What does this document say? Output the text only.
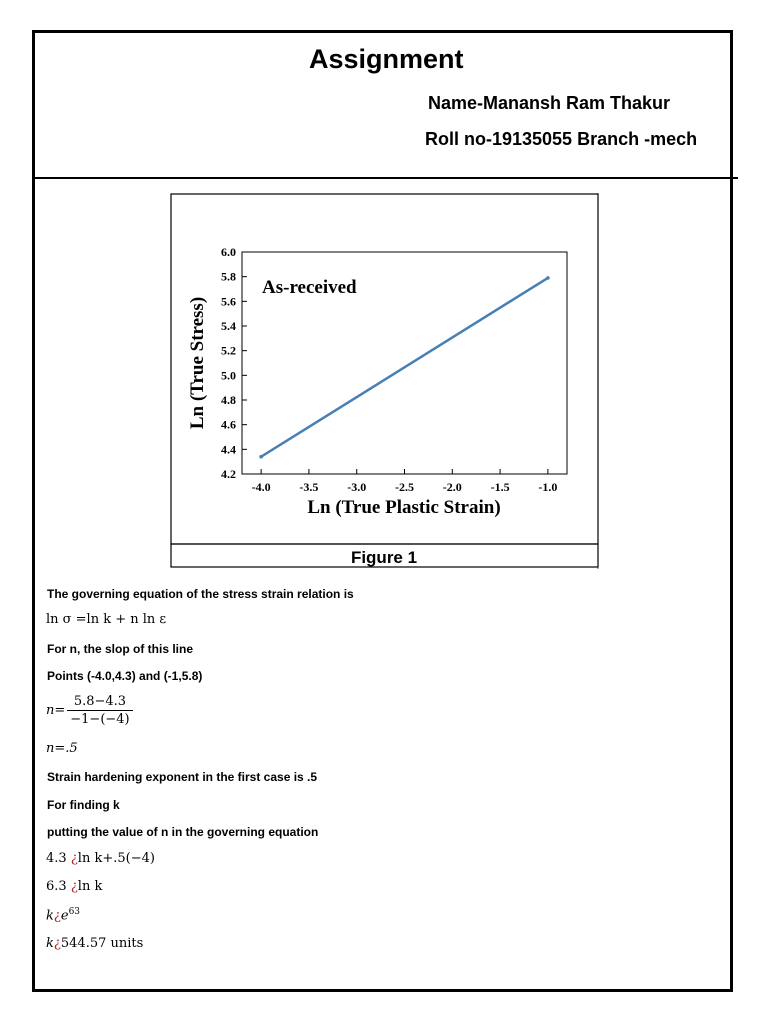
Assignment
Name-Manansh Ram Thakur
Roll no-19135055 Branch -mech
As-received
Ln (True Stress)
Ln (True Plastic Strain)
-4.0 -3.5 -3.0 -2.5 -2.0 -1.5 -1.0
4.2
4.4
4.6
4.8
5.0
5.2
5.4
5.6
5.8
6.0
Figure 1
The governing equation of the stress strain relation is
ln σ =ln k + n ln ε
For n, the slop of this line
Points (-4.0,4.3) and (-1,5.8)
$n= \frac{5.8-4.3}{-1-(-4)}$
n=.5
Strain hardening exponent in the first case is .5
For finding k
putting the value of n in the governing equation
4.3 ¿ln k+.5(−4)
6.3 ¿ln k
$k¿e^{63}$
k¿544.57 units
